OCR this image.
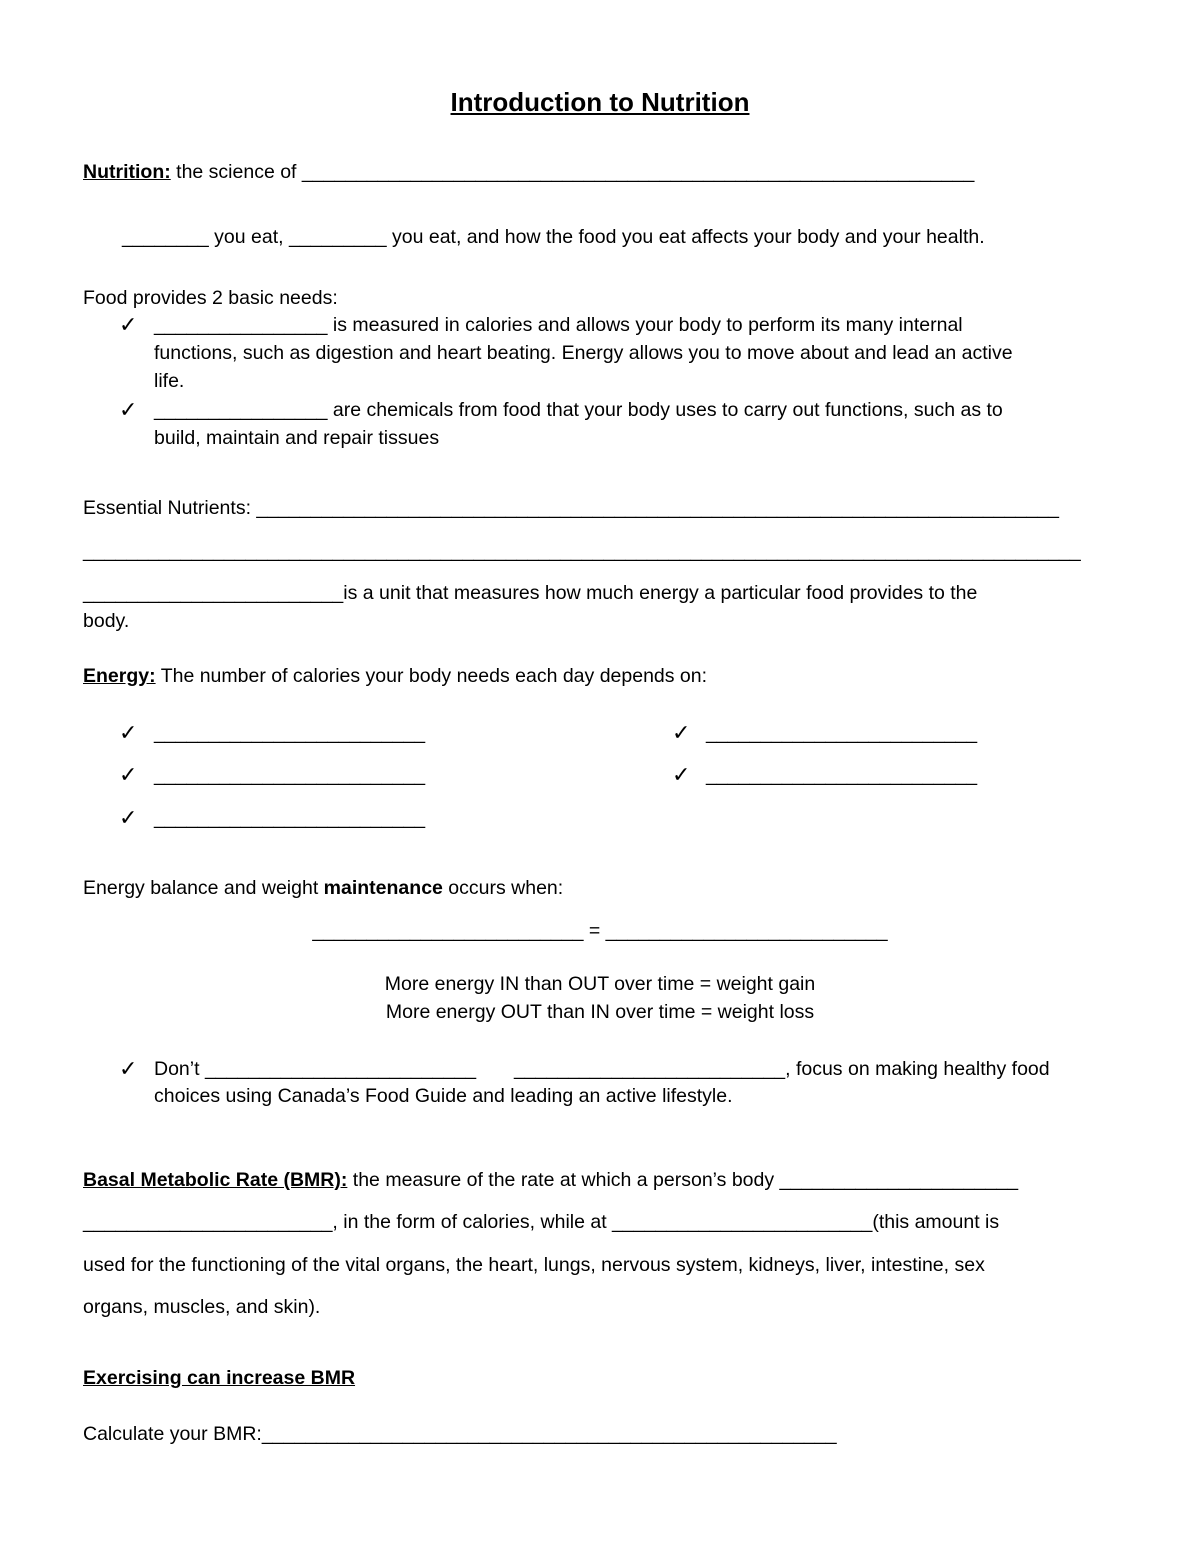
Introduction to Nutrition
Nutrition: the science of ______________________________________________________________
________ you eat, _________ you eat, and how the food you eat affects your body and your health.
Food provides 2 basic needs:
✓ ________________ is measured in calories and allows your body to perform its many internal
functions, such as digestion and heart beating. Energy allows you to move about and lead an active
life.
✓ ________________ are chemicals from food that your body uses to carry out functions, such as to
build, maintain and repair tissues
Essential Nutrients: __________________________________________________________________________
____________________________________________________________________________________________
________________________is a unit that measures how much energy a particular food provides to the
body.
Energy: The number of calories your body needs each day depends on:
✓ _________________________	✓ _________________________
✓ _________________________	✓ _________________________
✓ _________________________
Energy balance and weight maintenance occurs when:
_________________________ = __________________________
More energy IN than OUT over time = weight gain
More energy OUT than IN over time = weight loss
✓ Don’t _________________________       _________________________, focus on making healthy food
choices using Canada’s Food Guide and leading an active lifestyle.
Basal Metabolic Rate (BMR): the measure of the rate at which a person’s body ______________________
_______________________, in the form of calories, while at ________________________(this amount is
used for the functioning of the vital organs, the heart, lungs, nervous system, kidneys, liver, intestine, sex
organs, muscles, and skin).
Exercising can increase BMR
Calculate your BMR:_____________________________________________________
